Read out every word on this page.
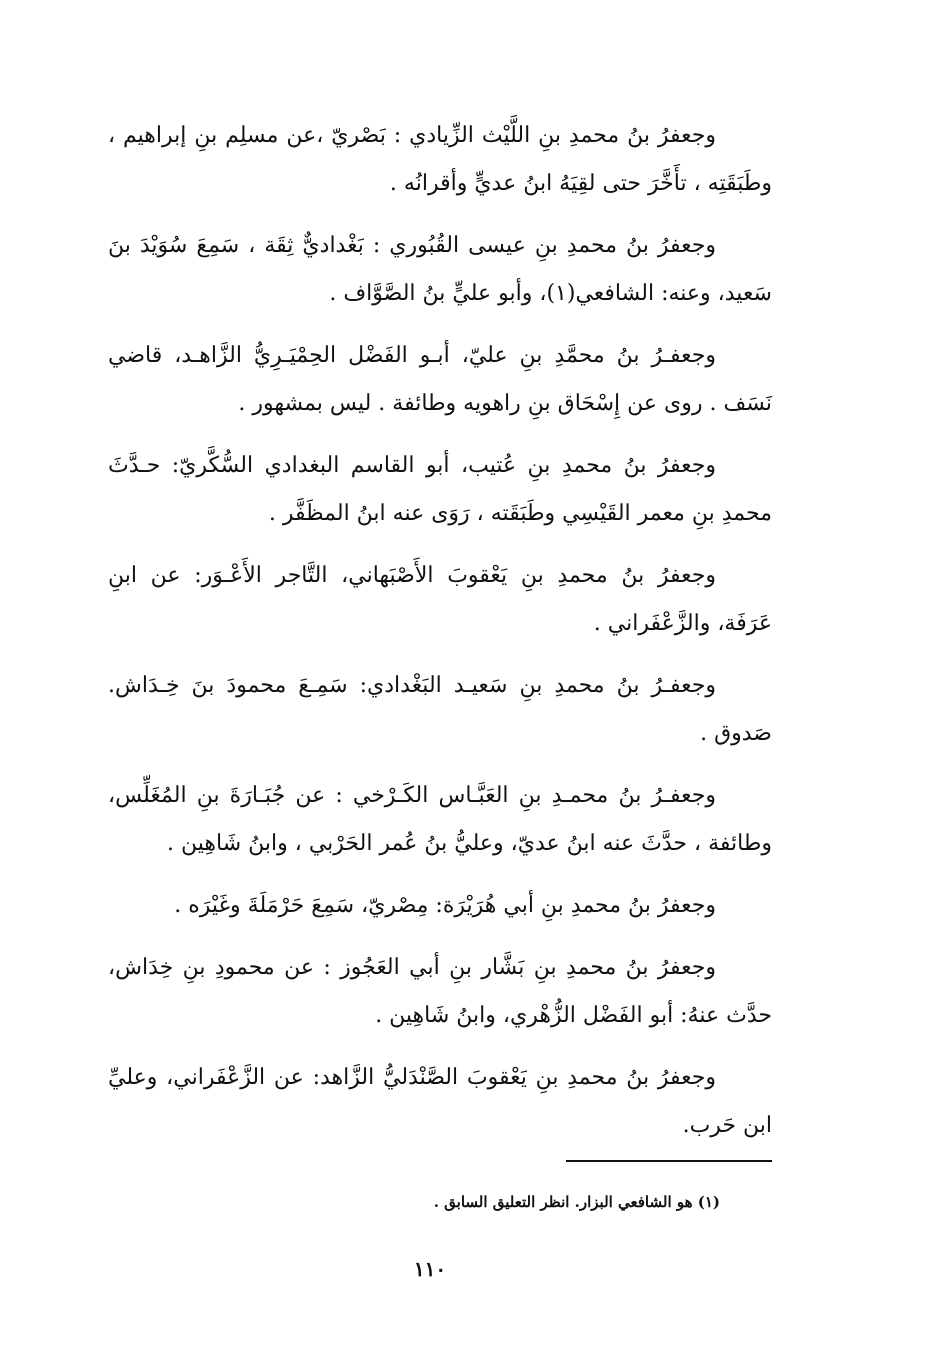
وجعفرُ بنُ محمدِ بنِ اللَّيْث الزِّيادي : بَصْريّ ،عن مسلِم بنِ إبراهيم ،
وطَبَقَتِه ، تأَخَّرَ حتى لقِيَهُ ابنُ عديٍّ وأقرانُه .

وجعفرُ بنُ محمدِ بنِ عيسى القُبُوري : بَغْداديٌّ ثِقَة ، سَمِعَ سُوَيْدَ بنَ
سَعيد، وعنه: الشافعي(١)، وأبو عليٍّ بنُ الصَّوَّاف .

وجعفـرُ بنُ محمَّدِ بنِ عليّ، أبـو الفَضْل الحِمْيَـرِيُّ الزَّاهـد، قاضي
نَسَف . روى عن إِسْحَاق بنِ راهويه وطائفة . ليس بمشهور .

وجعفرُ بنُ محمدِ بنِ عُتيب، أبو القاسم البغدادي السُّكَّريّ: حـدَّثَ
محمدِ بنِ معمر القَيْسِي وطَبَقَته ، رَوَى عنه ابنُ المظَفَّر .

وجعفرُ بنُ محمدِ بنِ يَعْقوبَ الأَصْبَهاني، التَّاجر الأَعْـوَر: عن ابنِ
عَرَفَة، والزَّعْفَراني .

وجعفـرُ بنُ محمدِ بنِ سَعيـد البَغْدادي: سَمِـعَ محمودَ بنَ خِـدَاش.
صَدوق .

وجعفـرُ بنُ محمـدِ بنِ العَبَّـاس الكَـرْخي : عن جُبَـارَةَ بنِ المُغَلِّس،
وطائفة ، حدَّثَ عنه ابنُ عديّ، وعليُّ بنُ عُمر الحَرْبي ، وابنُ شَاهِين .

وجعفرُ بنُ محمدِ بنِ أبي هُرَيْرَة: مِصْريّ، سَمِعَ حَرْمَلَةَ وغَيْرَه .

وجعفرُ بنُ محمدِ بنِ بَشَّار بنِ أبي العَجُوز : عن محمودِ بنِ خِدَاش،
حدَّث عنهُ: أبو الفَضْل الزُّهْري، وابنُ شَاهِين .

وجعفرُ بنُ محمدِ بنِ يَعْقوبَ الصَّنْدَليُّ الزَّاهد: عن الزَّعْفَراني، وعليِّ
ابن حَرب.

(١) هو الشافعي البزار. انظر التعليق السابق .
١١٠
